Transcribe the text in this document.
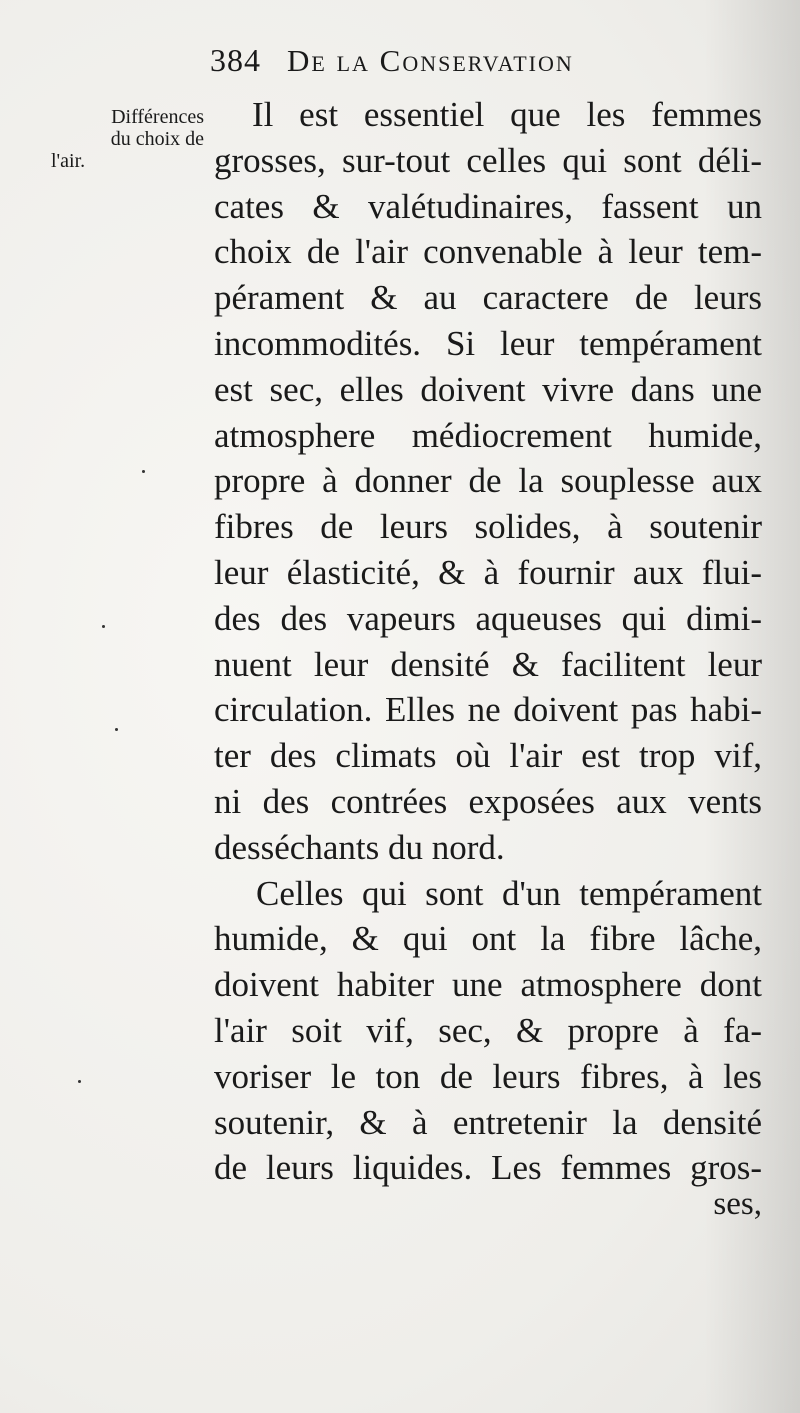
384 De la Conservation
Différences
du choix de
l'air.
Il est essentiel que les femmes
grosses, sur-tout celles qui sont déli-
cates & valétudinaires, fassent un
choix de l'air convenable à leur tem-
pérament & au caractere de leurs
incommodités. Si leur tempérament
est sec, elles doivent vivre dans une
atmosphere médiocrement humide,
propre à donner de la souplesse aux
fibres de leurs solides, à soutenir
leur élasticité, & à fournir aux flui-
des des vapeurs aqueuses qui dimi-
nuent leur densité & facilitent leur
circulation. Elles ne doivent pas habi-
ter des climats où l'air est trop vif,
ni des contrées exposées aux vents
desséchants du nord.
Celles qui sont d'un tempérament
humide, & qui ont la fibre lâche,
doivent habiter une atmosphere dont
l'air soit vif, sec, & propre à fa-
voriser le ton de leurs fibres, à les
soutenir, & à entretenir la densité
de leurs liquides. Les femmes gros-
ses,
